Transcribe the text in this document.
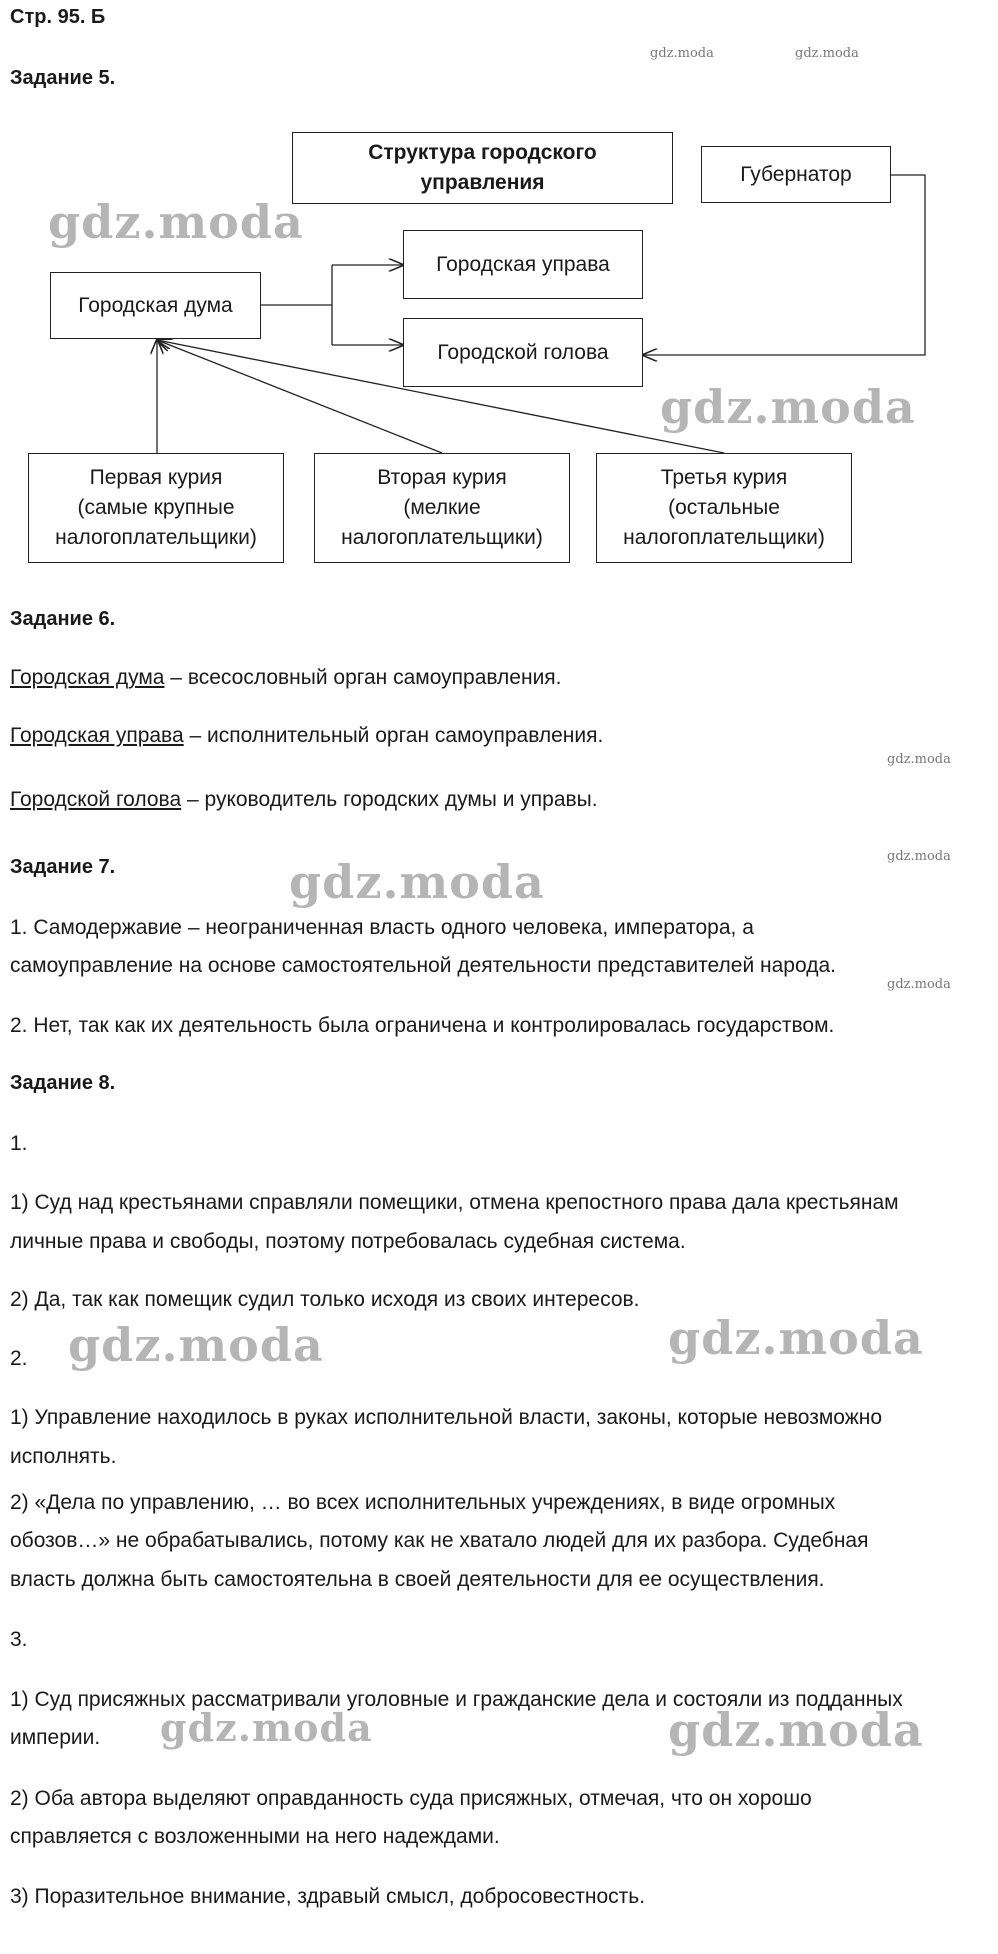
Стр. 95. Б
gdz.moda	gdz.moda
Задание 5.
Структура городского
управления	Губернатор
Городская управа
Городская дума
Городской голова
Первая курия
(самые крупные
налогоплательщики)
Вторая курия
(мелкие
налогоплательщики)
Третья курия
(остальные
налогоплательщики)
gdz.moda
gdz.moda
Задание 6.
Городская дума – всесословный орган самоуправления.
Городская управа – исполнительный орган самоуправления.
gdz.moda
Городской голова – руководитель городских думы и управы.
Задание 7.	gdz.moda
gdz.moda
1. Самодержавие – неограниченная власть одного человека, императора, а
самоуправление на основе самостоятельной деятельности представителей народа.
gdz.moda
2. Нет, так как их деятельность была ограничена и контролировалась государством.
Задание 8.
1.
1) Суд над крестьянами справляли помещики, отмена крепостного права дала крестьянам
личные права и свободы, поэтому потребовалась судебная система.
2) Да, так как помещик судил только исходя из своих интересов.
2. gdz.moda	gdz.moda
1) Управление находилось в руках исполнительной власти, законы, которые невозможно
исполнять.
2) «Дела по управлению, … во всех исполнительных учреждениях, в виде огромных
обозов…» не обрабатывались, потому как не хватало людей для их разбора. Судебная
власть должна быть самостоятельна в своей деятельности для ее осуществления.
3.
1) Суд присяжных рассматривали уголовные и гражданские дела и состояли из подданных
империи. gdz.moda	gdz.moda
2) Оба автора выделяют оправданность суда присяжных, отмечая, что он хорошо
справляется с возложенными на него надеждами.
3) Поразительное внимание, здравый смысл, добросовестность.
